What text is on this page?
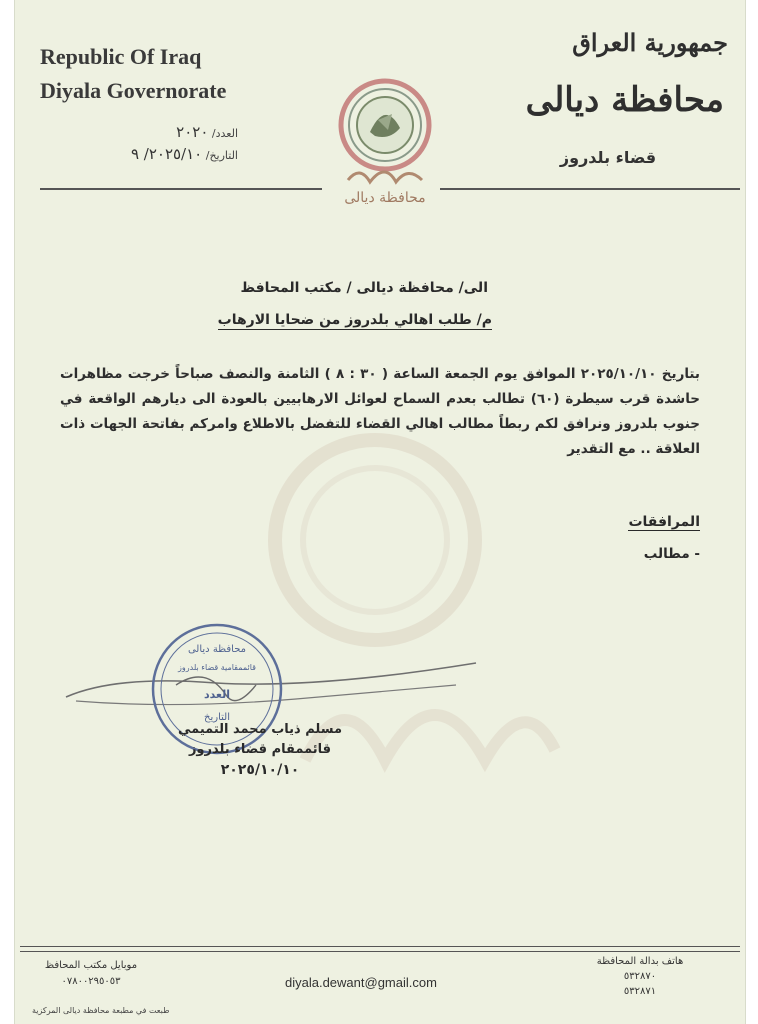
Republic Of Iraq
Diyala Governorate
العدد/ ٢٠٢٠
التاريخ/ ٢٠٢٥/١٠/ ٩
جمهورية العراق
محافظة ديالى
قضاء بلدروز
محافظة ديالى
الى/ محافظة ديالى / مكتب المحافظ
م/ طلب اهالي بلدروز من ضحايا الارهاب
بتاريخ ٢٠٢٥/١٠/١٠ الموافق يوم الجمعة الساعة ( ٣٠ : ٨ ) الثامنة والنصف صباحاً خرجت مظاهرات حاشدة قرب سيطرة (٦٠) تطالب بعدم السماح لعوائل الارهابيين بالعودة الى ديارهم الواقعة في جنوب بلدروز ونرافق لكم ربطاً مطالب اهالي القضاء للتفضل بالاطلاع وامركم بفاتحة الجهات ذات العلاقة .. مع التقدير
المرافقات
- مطالب
محافظة ديالى
قائممقامية قضاء بلدروز
العدد
التاريخ
مسلم ذياب محمد التميمي
قائممقام قضاء بلدروز
٢٠٢٥/١٠/١٠
موبايل مكتب المحافظ
٠٧٨٠٠٢٩٥٠٥٣	diyala.dewant@gmail.com
هاتف بدالة المحافظة
٥٣٢٨٧٠
٥٣٢٨٧١
طبعت في مطبعة محافظة ديالى المركزية
